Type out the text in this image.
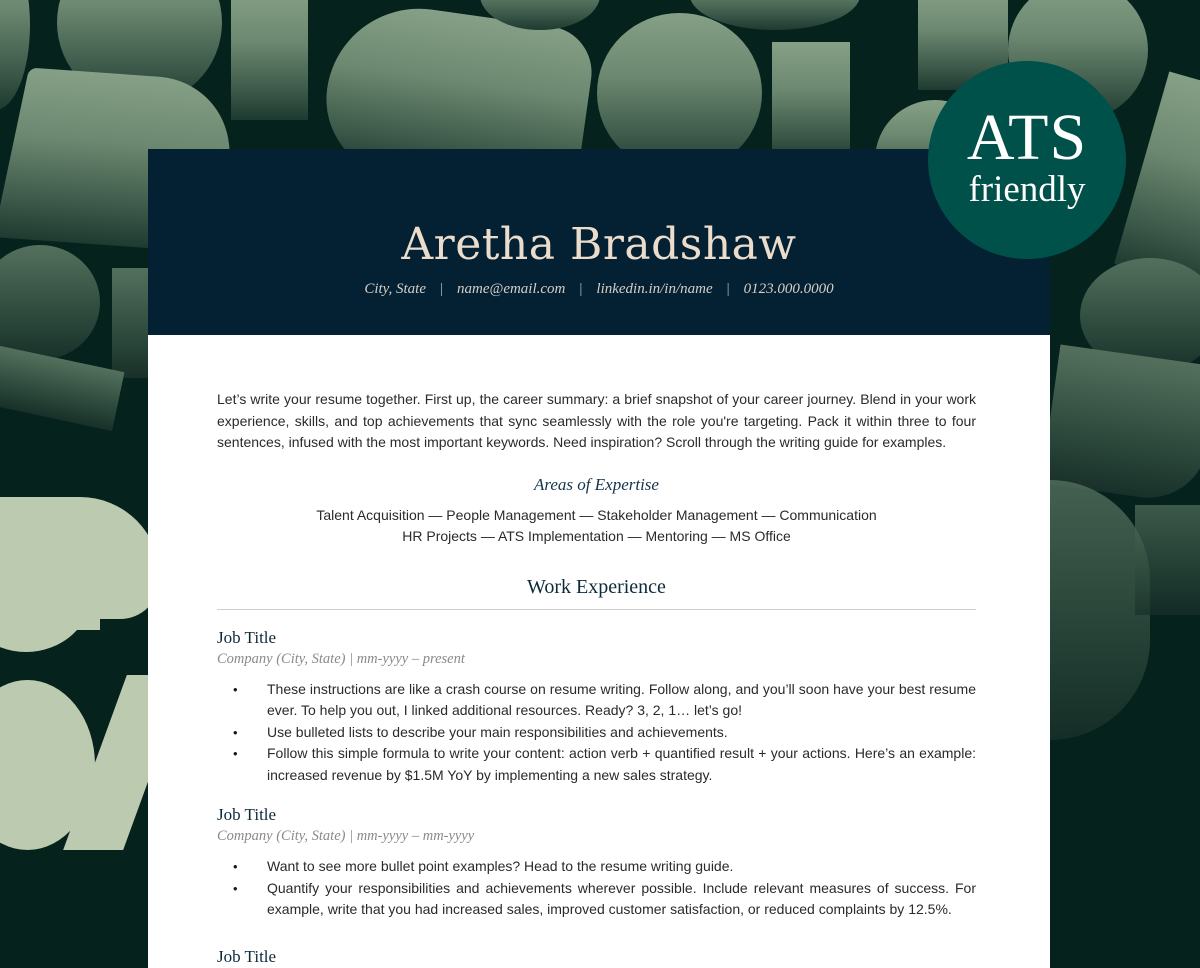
Aretha Bradshaw
City, State | name@email.com | linkedin.in/in/name | 0123.000.0000

Let’s write your resume together. First up, the career summary: a brief snapshot of your career journey. Blend in your work experience, skills, and top achievements that sync seamlessly with the role you're targeting. Pack it within three to four sentences, infused with the most important keywords. Need inspiration? Scroll through the writing guide for examples.

Areas of Expertise
Talent Acquisition — People Management — Stakeholder Management — Communication
HR Projects — ATS Implementation — Mentoring — MS Office
Work Experience
Job Title
Company (City, State) | mm-yyyy – present
• These instructions are like a crash course on resume writing. Follow along, and you’ll soon have your best resume ever. To help you out, I linked additional resources. Ready? 3, 2, 1… let’s go!
• Use bulleted lists to describe your main responsibilities and achievements.
• Follow this simple formula to write your content: action verb + quantified result + your actions. Here’s an example: increased revenue by $1.5M YoY by implementing a new sales strategy.
Job Title
Company (City, State) | mm-yyyy – mm-yyyy
• Want to see more bullet point examples? Head to the resume writing guide.
• Quantify your responsibilities and achievements wherever possible. Include relevant measures of success. For example, write that you had increased sales, improved customer satisfaction, or reduced complaints by 12.5%.
Job Title
ATS
friendly
